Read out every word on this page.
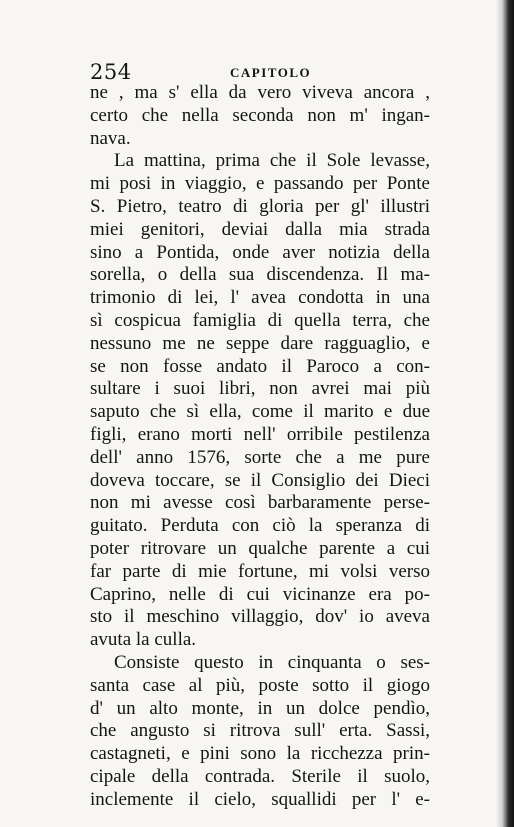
254	CAPITOLO
ne , ma s' ella da vero viveva ancora ,
certo che nella seconda non m' ingan-
nava.
La mattina, prima che il Sole levasse,
mi posi in viaggio, e passando per Ponte
S. Pietro, teatro di gloria per gl' illustri
miei genitori, deviai dalla mia strada
sino a Pontida, onde aver notizia della
sorella, o della sua discendenza. Il ma-
trimonio di lei, l' avea condotta in una
sì cospicua famiglia di quella terra, che
nessuno me ne seppe dare ragguaglio, e
se non fosse andato il Paroco a con-
sultare i suoi libri, non avrei mai più
saputo che sì ella, come il marito e due
figli, erano morti nell' orribile pestilenza
dell' anno 1576, sorte che a me pure
doveva toccare, se il Consiglio dei Dieci
non mi avesse così barbaramente perse-
guitato. Perduta con ciò la speranza di
poter ritrovare un qualche parente a cui
far parte di mie fortune, mi volsi verso
Caprino, nelle di cui vicinanze era po-
sto il meschino villaggio, dov' io aveva
avuta la culla.
Consiste questo in cinquanta o ses-
santa case al più, poste sotto il giogo
d' un alto monte, in un dolce pendìo,
che angusto si ritrova sull' erta. Sassi,
castagneti, e pini sono la ricchezza prin-
cipale della contrada. Sterile il suolo,
inclemente il cielo, squallidi per l' e-
